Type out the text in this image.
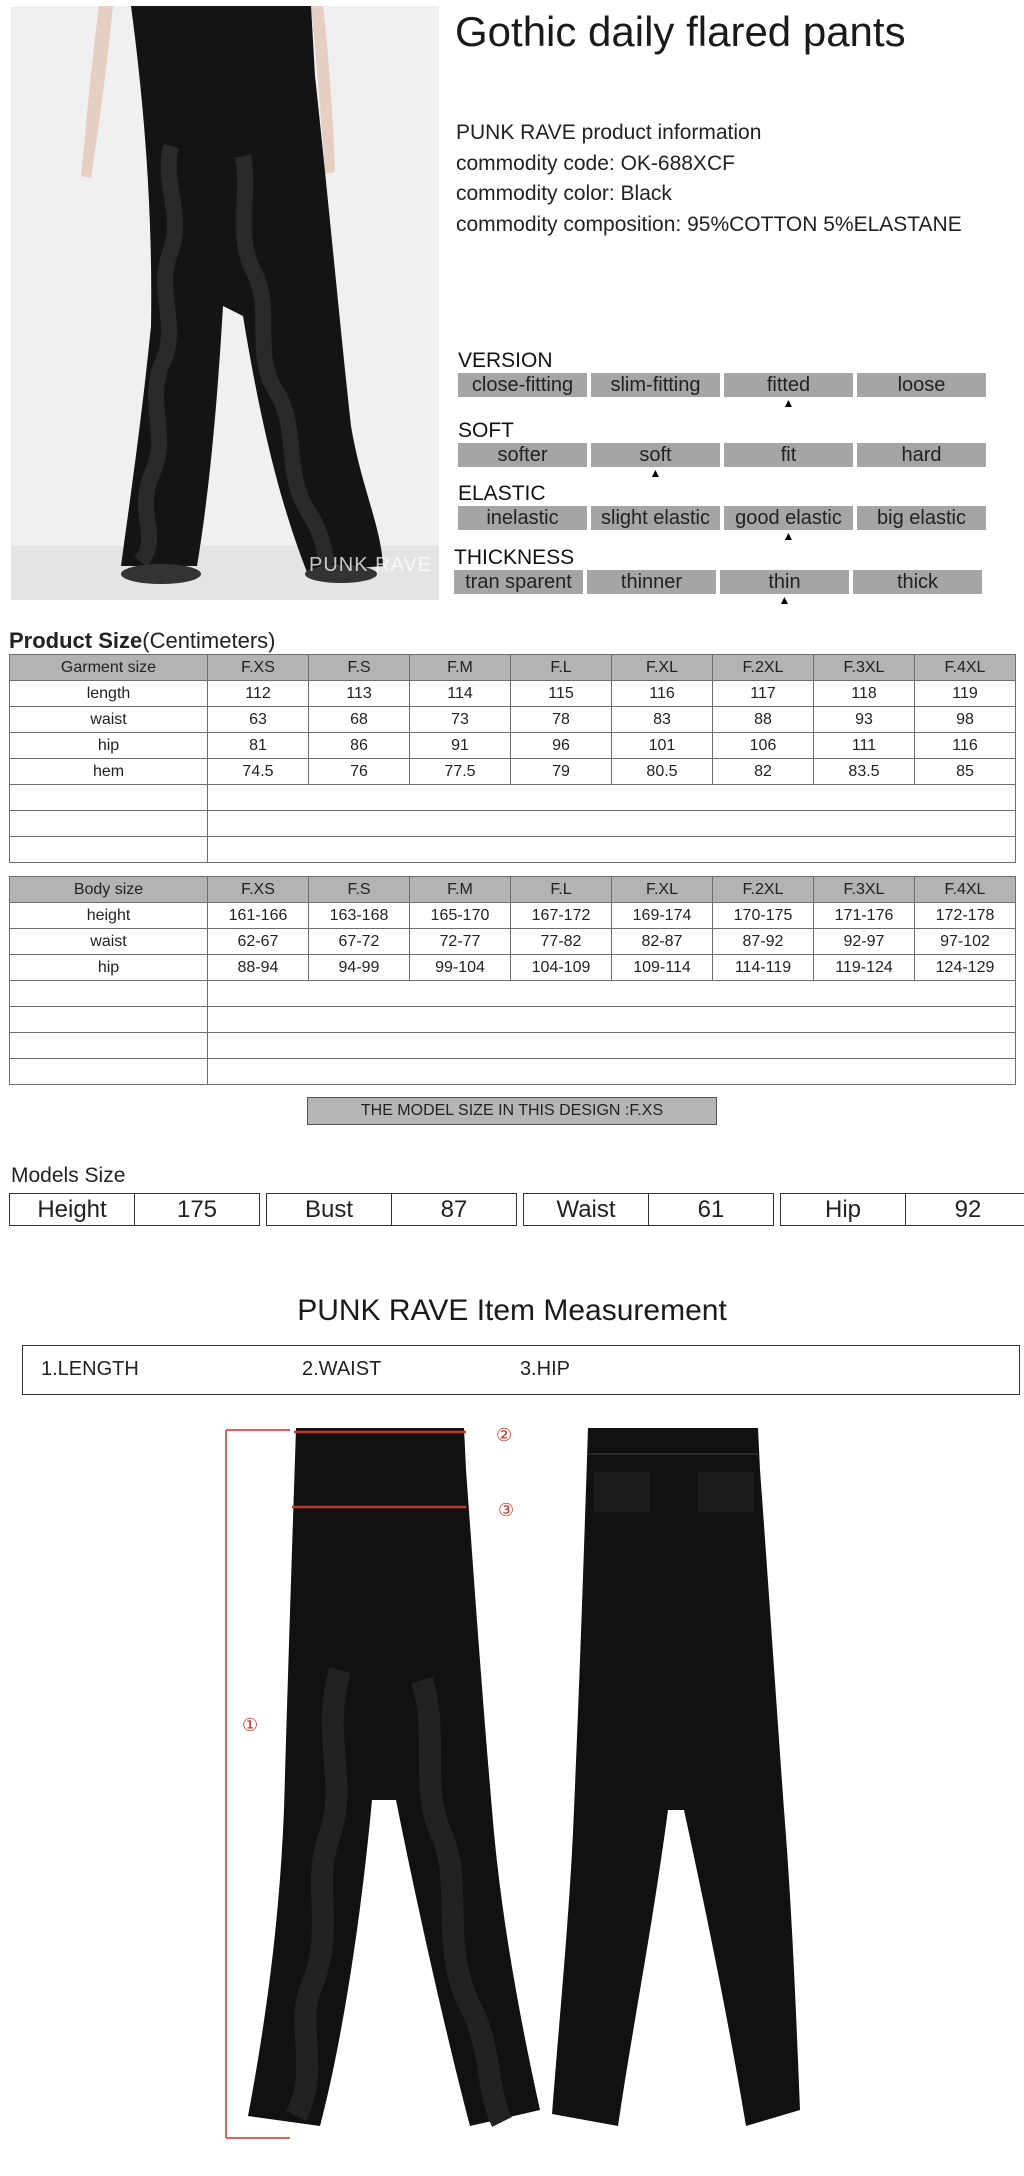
PUNK RAVE
Gothic daily flared pants
PUNK RAVE product information
commodity code: OK-688XCF
commodity color: Black
commodity composition: 95%COTTON 5%ELASTANE
VERSION
close-fitting	slim-fitting	fitted
▲
loose
SOFT
softer	soft
▲
fit	hard
ELASTIC
inelastic	slight elastic	good elastic
▲
big elastic
THICKNESS
tran sparent	thinner	thin
▲
thick
Product Size(Centimeters)
Garment size	F.XS	F.S	F.M	F.L	F.XL	F.2XL	F.3XL	F.4XL
length	112	113	114	115	116	117	118	119
waist	63	68	73	78	83	88	93	98
hip	81	86	91	96	101	106	111	116
hem	74.5	76	77.5	79	80.5	82	83.5	85

Body size	F.XS	F.S	F.M	F.L	F.XL	F.2XL	F.3XL	F.4XL
height	161-166	163-168	165-170	167-172	169-174	170-175	171-176	172-178
waist	62-67	67-72	72-77	77-82	82-87	87-92	92-97	97-102
hip	88-94	94-99	99-104	104-109	109-114	114-119	119-124	124-129

THE MODEL SIZE IN THIS DESIGN :F.XS
Models Size
Height	175	Bust	87	Waist	61	Hip	92
PUNK RAVE Item Measurement
1.LENGTH	2.WAIST	3.HIP
①
②
③
